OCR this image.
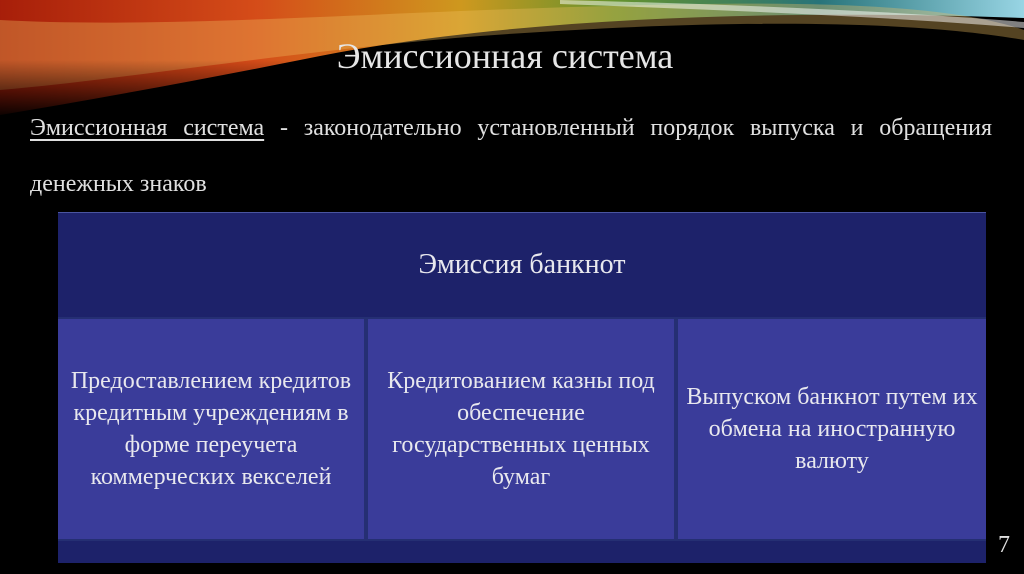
Эмиссионная система
Эмиссионная система - законодательно установленный порядок выпуска и обращения денежных знаков
Эмиссия банкнот
Предоставлением кредитов кредитным учреждениям в форме переучета коммерческих векселей
Кредитованием казны под обеспечение государственных ценных бумаг
Выпуском банкнот путем их обмена на иностранную валюту
7
